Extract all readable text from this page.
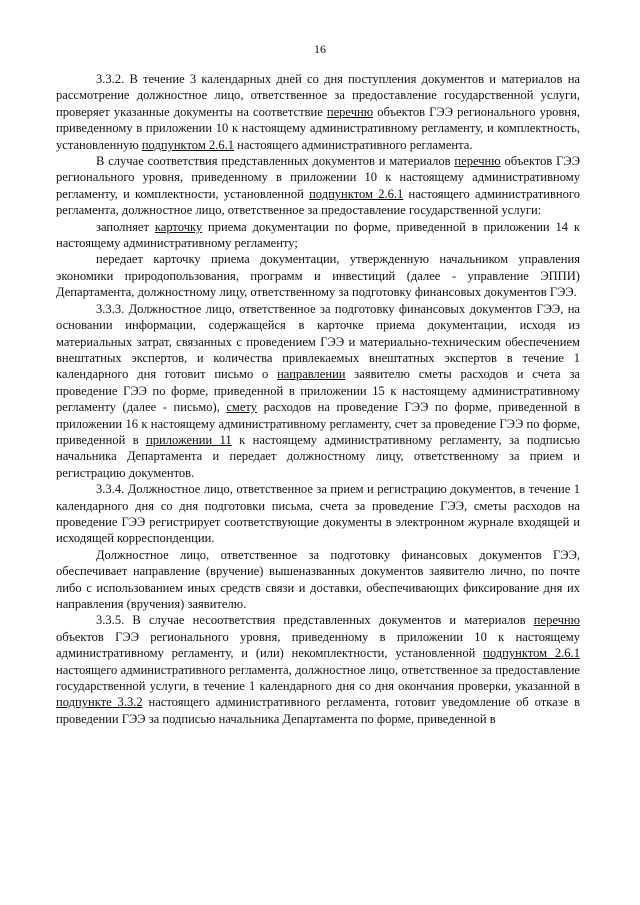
16

3.3.2. В течение 3 календарных дней со дня поступления документов и материалов на рассмотрение должностное лицо, ответственное за предоставление государственной услуги, проверяет указанные документы на соответствие перечню объектов ГЭЭ регионального уровня, приведенному в приложении 10 к настоящему административному регламенту, и комплектность, установленную подпунктом 2.6.1 настоящего административного регламента.

В случае соответствия представленных документов и материалов перечню объектов ГЭЭ регионального уровня, приведенному в приложении 10 к настоящему административному регламенту, и комплектности, установленной подпунктом 2.6.1 настоящего административного регламента, должностное лицо, ответственное за предоставление государственной услуги:

заполняет карточку приема документации по форме, приведенной в приложении 14 к настоящему административному регламенту;

передает карточку приема документации, утвержденную начальником управления экономики природопользования, программ и инвестиций (далее - управление ЭППИ) Департамента, должностному лицу, ответственному за подготовку финансовых документов ГЭЭ.

3.3.3. Должностное лицо, ответственное за подготовку финансовых документов ГЭЭ, на основании информации, содержащейся в карточке приема документации, исходя из материальных затрат, связанных с проведением ГЭЭ и материально-техническим обеспечением внештатных экспертов, и количества привлекаемых внештатных экспертов в течение 1 календарного дня готовит письмо о направлении заявителю сметы расходов и счета за проведение ГЭЭ по форме, приведенной в приложении 15 к настоящему административному регламенту (далее - письмо), смету расходов на проведение ГЭЭ по форме, приведенной в приложении 16 к настоящему административному регламенту, счет за проведение ГЭЭ по форме, приведенной в приложении 11 к настоящему административному регламенту, за подписью начальника Департамента и передает должностному лицу, ответственному за прием и регистрацию документов.

3.3.4. Должностное лицо, ответственное за прием и регистрацию документов, в течение 1 календарного дня со дня подготовки письма, счета за проведение ГЭЭ, сметы расходов на проведение ГЭЭ регистрирует соответствующие документы в электронном журнале входящей и исходящей корреспонденции.

Должностное лицо, ответственное за подготовку финансовых документов ГЭЭ, обеспечивает направление (вручение) вышеназванных документов заявителю лично, по почте либо с использованием иных средств связи и доставки, обеспечивающих фиксирование дня их направления (вручения) заявителю.

3.3.5. В случае несоответствия представленных документов и материалов перечню объектов ГЭЭ регионального уровня, приведенному в приложении 10 к настоящему административному регламенту, и (или) некомплектности, установленной подпунктом 2.6.1 настоящего административного регламента, должностное лицо, ответственное за предоставление государственной услуги, в течение 1 календарного дня со дня окончания проверки, указанной в подпункте 3.3.2 настоящего административного регламента, готовит уведомление об отказе в проведении ГЭЭ за подписью начальника Департамента по форме, приведенной в
